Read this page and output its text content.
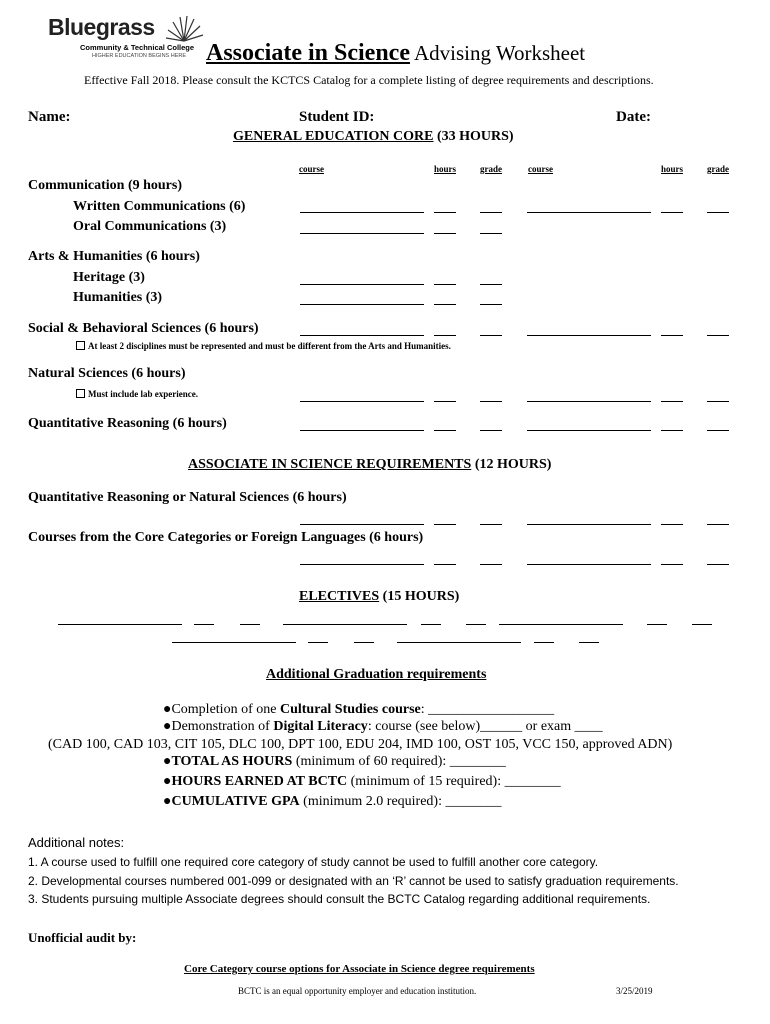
Bluegrass
Community & Technical College
HIGHER EDUCATION BEGINS HERE Associate in Science Advising Worksheet
Effective Fall 2018. Please consult the KCTCS Catalog for a complete listing of degree requirements and descriptions.
Name:	Student ID:	Date:
GENERAL EDUCATION CORE (33 HOURS)
course	hours	grade	course	hours	grade
Communication (9 hours)
Written Communications (6)
Oral Communications (3)
Arts & Humanities (6 hours)
Heritage (3)
Humanities (3)
Social & Behavioral Sciences (6 hours)
At least 2 disciplines must be represented and must be different from the Arts and Humanities.
Natural Sciences (6 hours)
Must include lab experience.
Quantitative Reasoning (6 hours)
ASSOCIATE IN SCIENCE REQUIREMENTS (12 HOURS)
Quantitative Reasoning or Natural Sciences (6 hours)
Courses from the Core Categories or Foreign Languages (6 hours)
ELECTIVES (15 HOURS)
Additional Graduation requirements
●Completion of one Cultural Studies course: __________________
●Demonstration of Digital Literacy: course (see below)______ or exam ____
(CAD 100, CAD 103, CIT 105, DLC 100, DPT 100, EDU 204, IMD 100, OST 105, VCC 150, approved ADN)
●TOTAL AS HOURS (minimum of 60 required): ________
●HOURS EARNED AT BCTC (minimum of 15 required): ________
●CUMULATIVE GPA (minimum 2.0 required): ________
Additional notes:
1. A course used to fulfill one required core category of study cannot be used to fulfill another core category.
2. Developmental courses numbered 001-099 or designated with an ‘R’ cannot be used to satisfy graduation requirements.
3. Students pursuing multiple Associate degrees should consult the BCTC Catalog regarding additional requirements.
Unofficial audit by:
Core Category course options for Associate in Science degree requirements
BCTC is an equal opportunity employer and education institution.	3/25/2019
